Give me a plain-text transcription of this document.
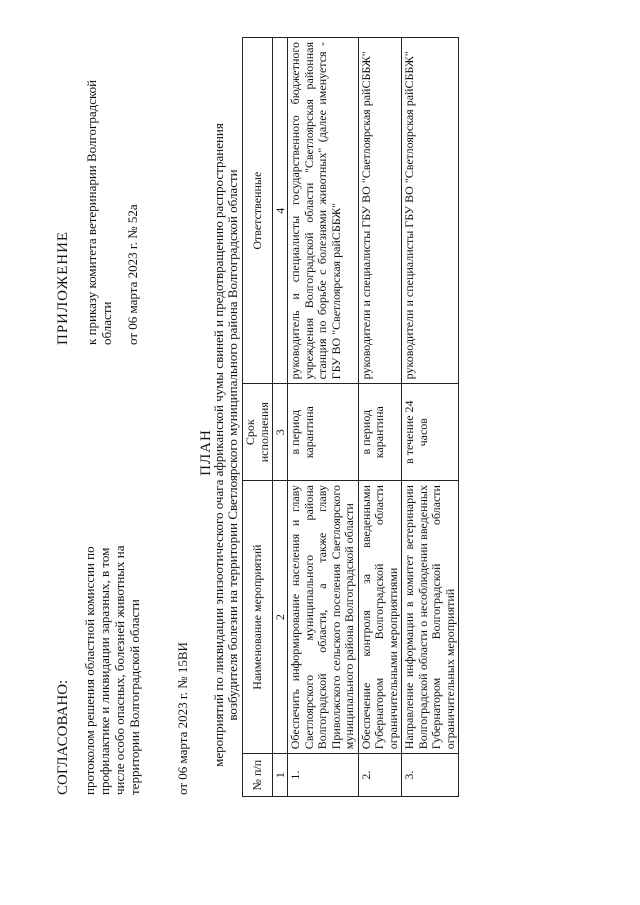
СОГЛАСОВАНО: протоколом решения областной комиссии по профилактике и ликвидации заразных, в том числе особо опасных, болезней животных на территории Волгоградской области	от 06 марта 2023 г. № 15ВИ
ПРИЛОЖЕНИЕ к приказу комитета ветеринарии Волгоградской области от 06 марта 2023 г. № 52а
ПЛАН
мероприятий по ликвидации эпизоотического очага африканской чумы свиней и предотвращению распространения возбудителя болезни на территории Светлоярского муниципального района Волгоградской области
№ п/п	Наименование мероприятий	Срок исполнения	Ответственные
1	2	3	4
1.	Обеспечить информирование населения и главу Светлоярского муниципального района Волгоградской области, а также главу Приволжского сельского поселения Светлоярского муниципального района Волгоградской области	в период карантина	руководитель и специалисты государственного бюджетного учреждения Волгоградской области "Светлоярская районная станция по борьбе с болезнями животных" (далее именуется - ГБУ ВО "Светлоярская райСББЖ"
2.	Обеспечение контроля за введенными Губернатором Волгоградской области ограничительными мероприятиями	в период карантина	руководители и специалисты ГБУ ВО "Светлоярская райСББЖ"
3.	Направление информации в комитет ветеринарии Волгоградской области о несоблюдении введенных Губернатором Волгоградской области ограничительных мероприятий	в течение 24 часов	руководители и специалисты ГБУ ВО "Светлоярская райСББЖ"
